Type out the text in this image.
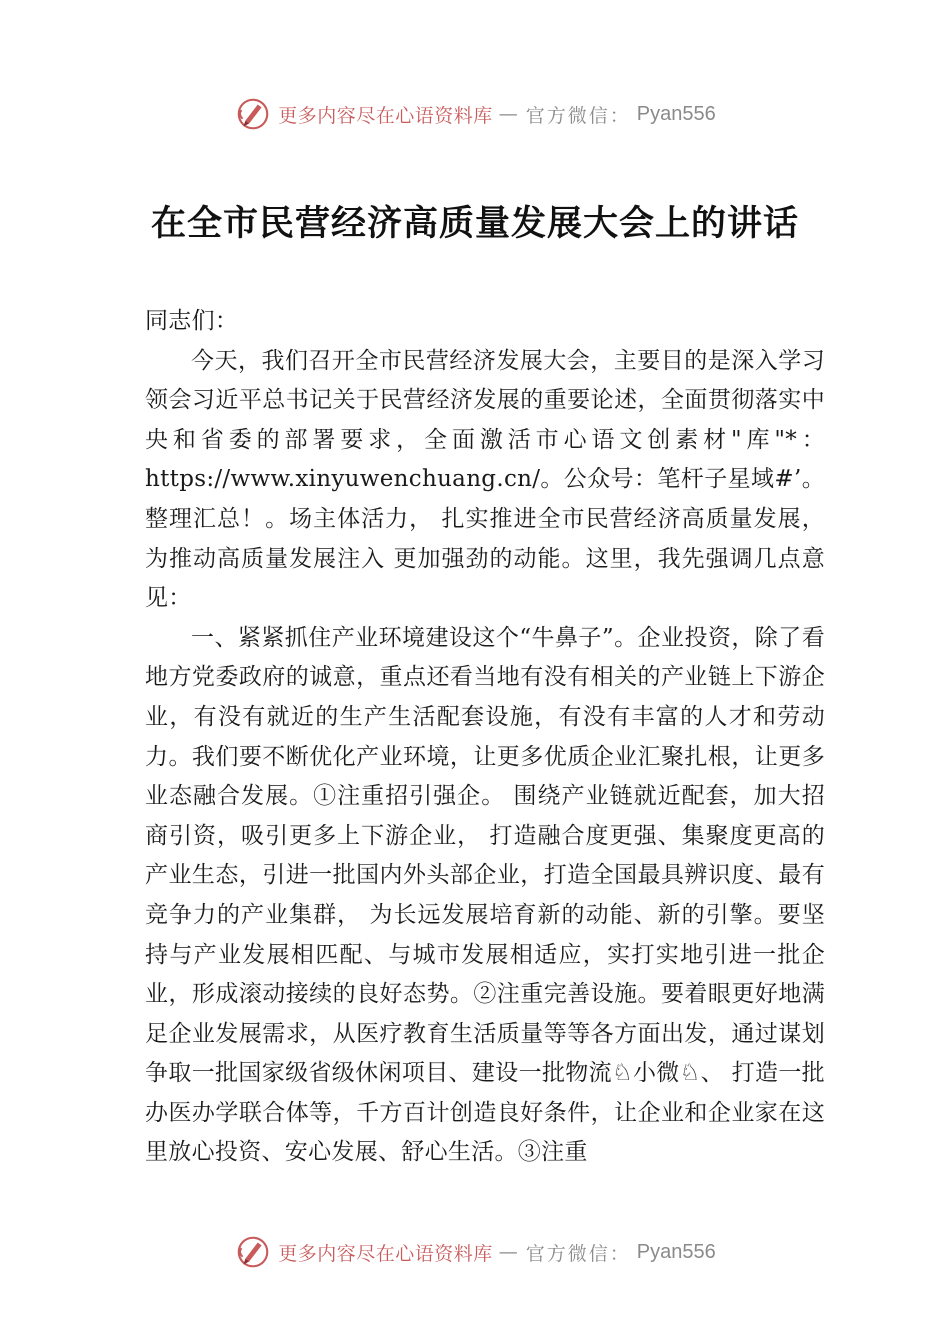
更多内容尽在心语资料库 — 官方微信： Pyan556
在全市民营经济高质量发展大会上的讲话

同志们：

今天，我们召开全市民营经济发展大会，主要目的是深入学习领会习近平总书记关于民营经济发展的重要论述，全面贯彻落实中央和省委的部署要求，全面激活市心语文创素材"库"*：https://www.xinyuwenchuang.cn/。公众号：笔杆子星域#’。整理汇总！。场主体活力， 扎实推进全市民营经济高质量发展，为推动高质量发展注入 更加强劲的动能。这里，我先强调几点意见：

一、紧紧抓住产业环境建设这个“牛鼻子”。企业投资，除了看地方党委政府的诚意，重点还看当地有没有相关的产业链上下游企业，有没有就近的生产生活配套设施，有没有丰富的人才和劳动力。我们要不断优化产业环境，让更多优质企业汇聚扎根，让更多业态融合发展。①注重招引强企。 围绕产业链就近配套，加大招商引资，吸引更多上下游企业， 打造融合度更强、集聚度更高的产业生态，引进一批国内外头部企业，打造全国最具辨识度、最有竞争力的产业集群， 为长远发展培育新的动能、新的引擎。要坚持与产业发展相匹配、与城市发展相适应，实打实地引进一批企业，形成滚动接续的良好态势。②注重完善设施。要着眼更好地满足企业发展需求，从医疗教育生活质量等等各方面出发，通过谋划争取一批国家级省级休闲项目、建设一批物流♘小微♘、 打造一批办医办学联合体等，千方百计创造良好条件，让企业和企业家在这里放心投资、安心发展、舒心生活。③注重

更多内容尽在心语资料库 — 官方微信： Pyan556
